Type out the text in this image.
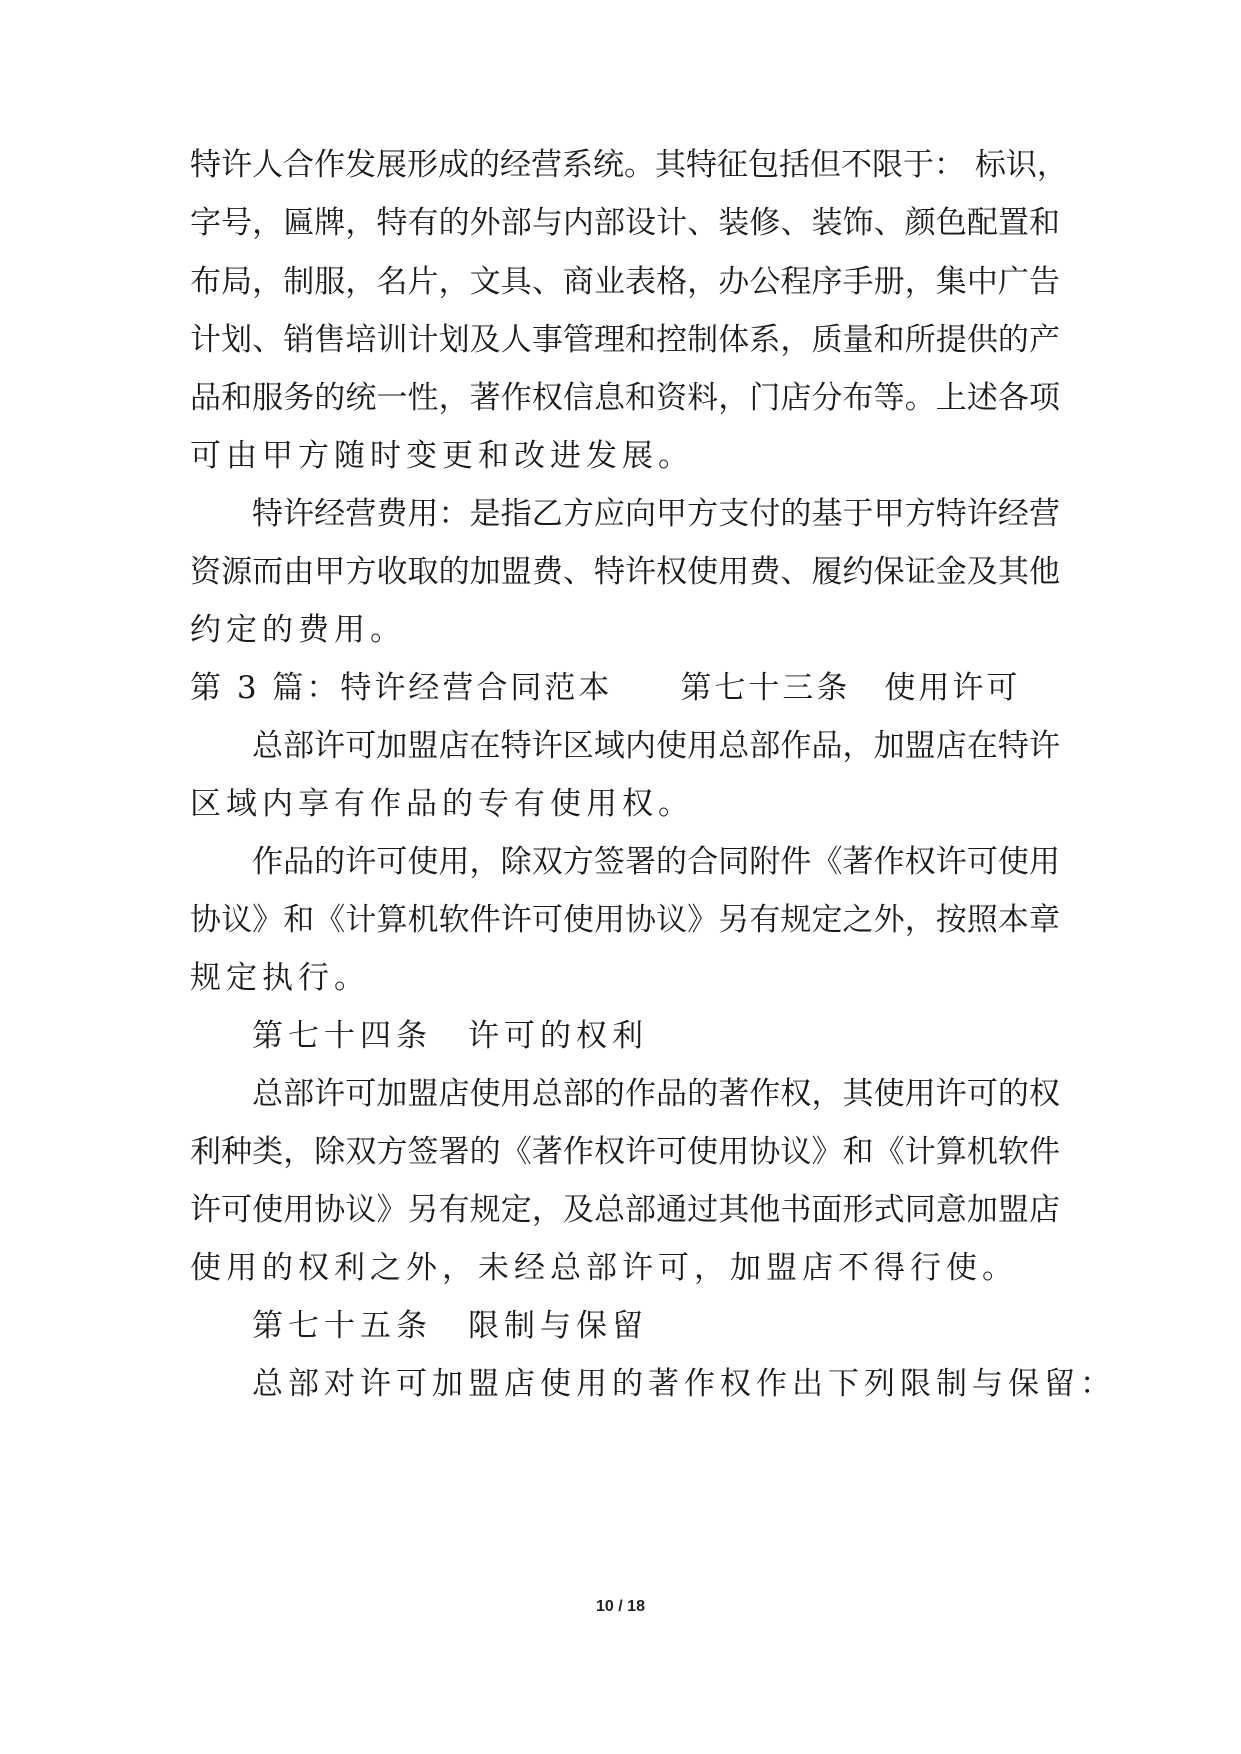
特许人合作发展形成的经营系统。其特征包括但不限于： 标识，
字号，匾牌，特有的外部与内部设计、装修、装饰、颜色配置和
布局，制服，名片，文具、商业表格，办公程序手册，集中广告
计划、销售培训计划及人事管理和控制体系，质量和所提供的产
品和服务的统一性，著作权信息和资料，门店分布等。上述各项
可由甲方随时变更和改进发展。
特许经营费用：是指乙方应向甲方支付的基于甲方特许经营
资源而由甲方收取的加盟费、特许权使用费、履约保证金及其他
约定的费用。
第 3 篇：特许经营合同范本　　第七十三条　使用许可
总部许可加盟店在特许区域内使用总部作品，加盟店在特许
区域内享有作品的专有使用权。
作品的许可使用，除双方签署的合同附件《著作权许可使用
协议》和《计算机软件许可使用协议》另有规定之外，按照本章
规定执行。
第七十四条　许可的权利
总部许可加盟店使用总部的作品的著作权，其使用许可的权
利种类，除双方签署的《著作权许可使用协议》和《计算机软件
许可使用协议》另有规定，及总部通过其他书面形式同意加盟店
使用的权利之外，未经总部许可，加盟店不得行使。
第七十五条　限制与保留
总部对许可加盟店使用的著作权作出下列限制与保留：
10 / 18
